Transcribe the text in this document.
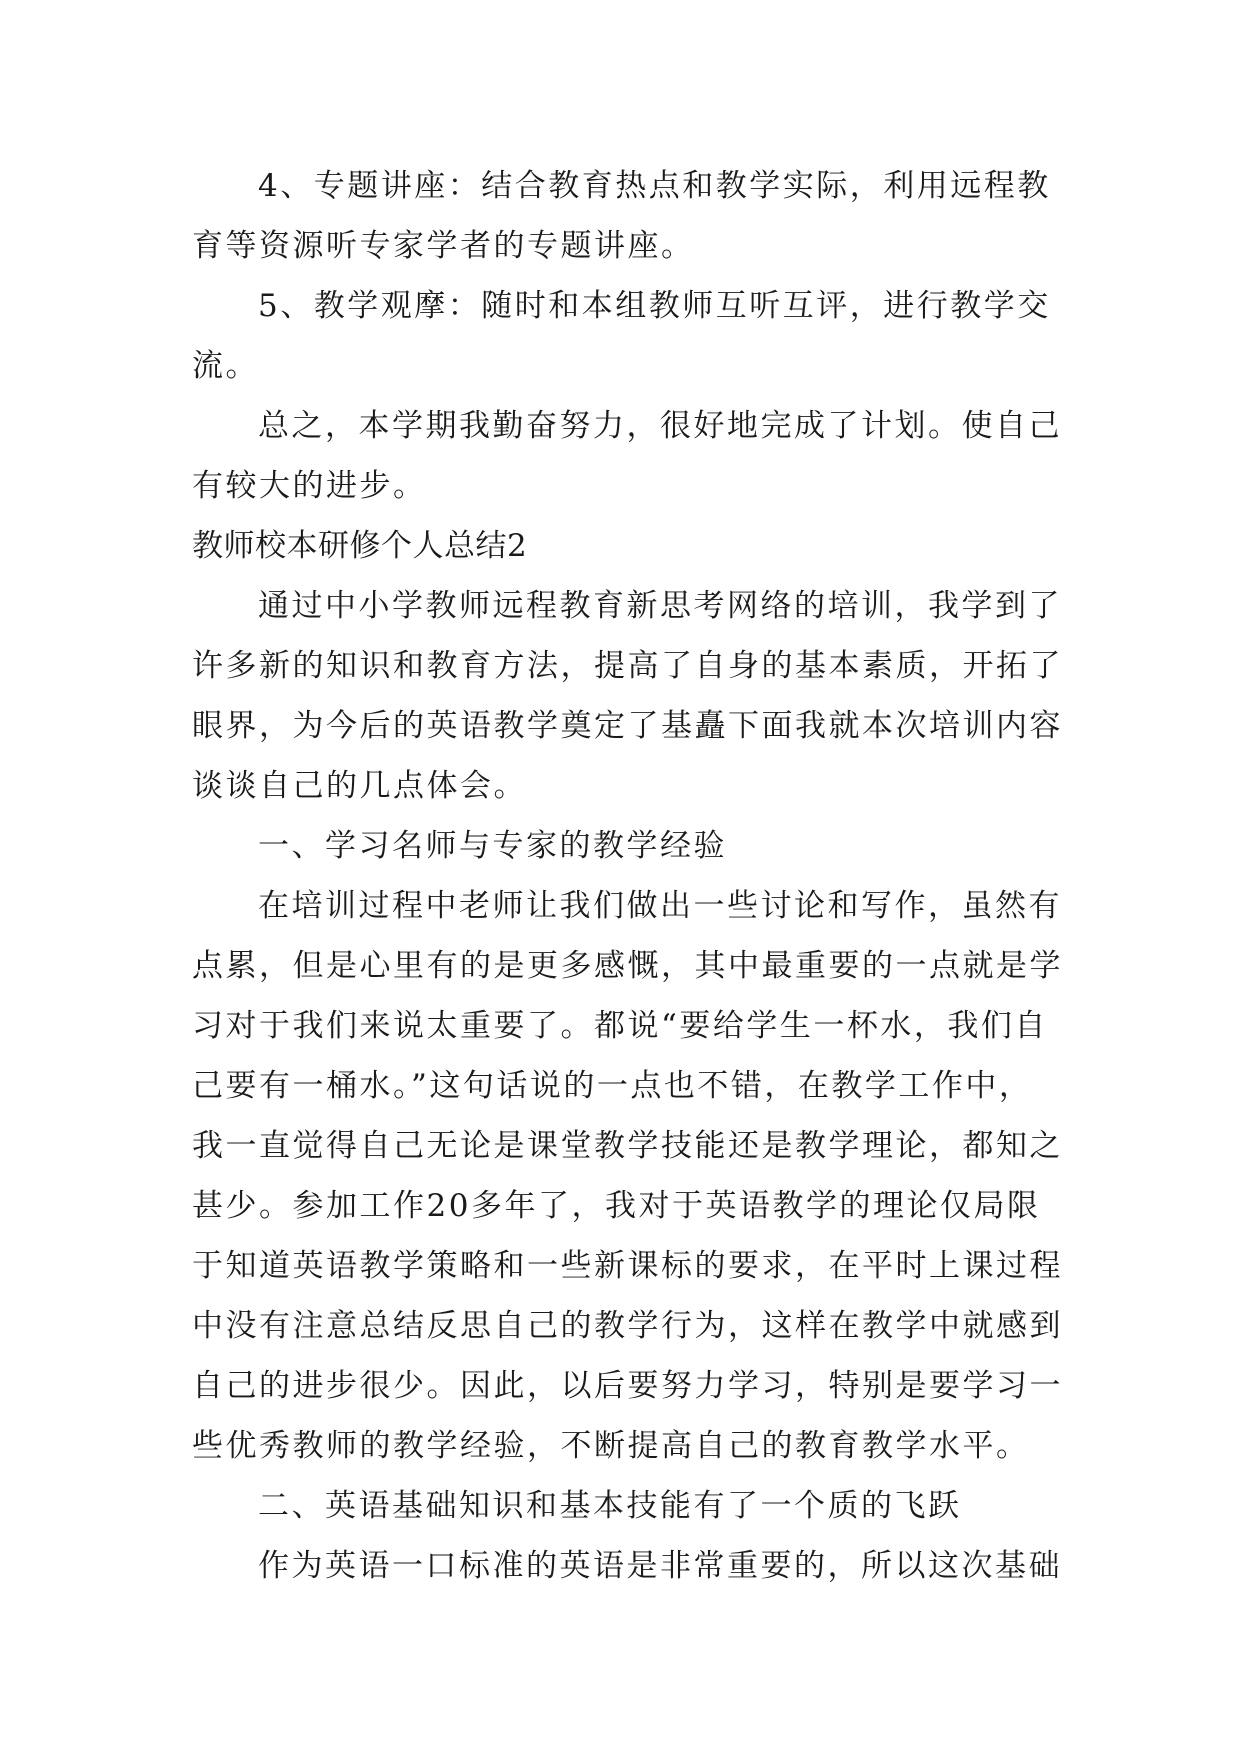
4、专题讲座：结合教育热点和教学实际，利用远程教
育等资源听专家学者的专题讲座。
5、教学观摩：随时和本组教师互听互评，进行教学交
流。
总之，本学期我勤奋努力，很好地完成了计划。使自己
有较大的进步。
教师校本研修个人总结2
通过中小学教师远程教育新思考网络的培训，我学到了
许多新的知识和教育方法，提高了自身的基本素质，开拓了
眼界，为今后的英语教学奠定了基矗下面我就本次培训内容
谈谈自己的几点体会。
一、学习名师与专家的教学经验
在培训过程中老师让我们做出一些讨论和写作，虽然有
点累，但是心里有的是更多感慨，其中最重要的一点就是学
习对于我们来说太重要了。都说“要给学生一杯水，我们自
己要有一桶水。”这句话说的一点也不错，在教学工作中，
我一直觉得自己无论是课堂教学技能还是教学理论，都知之
甚少。参加工作20多年了，我对于英语教学的理论仅局限
于知道英语教学策略和一些新课标的要求，在平时上课过程
中没有注意总结反思自己的教学行为，这样在教学中就感到
自己的进步很少。因此，以后要努力学习，特别是要学习一
些优秀教师的教学经验，不断提高自己的教育教学水平。
二、英语基础知识和基本技能有了一个质的飞跃
作为英语一口标准的英语是非常重要的，所以这次基础
